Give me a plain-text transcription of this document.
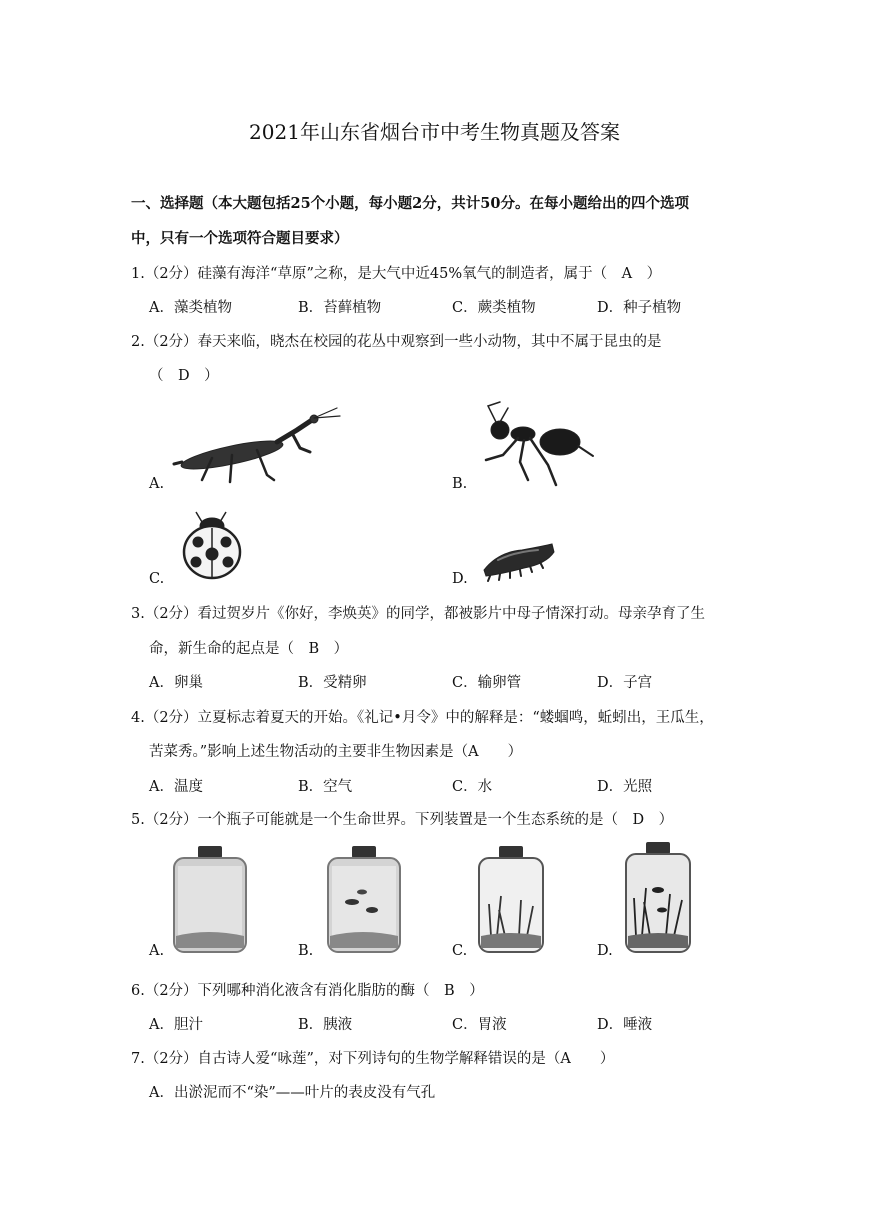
2021年山东省烟台市中考生物真题及答案
一、选择题（本大题包括25个小题，每小题2分，共计50分。在每小题给出的四个选项
中，只有一个选项符合题目要求）
1.（2分）硅藻有海洋“草原”之称，是大气中近45%氧气的制造者，属于（　A　）
A．藻类植物	B．苔藓植物	C．蕨类植物	D．种子植物
2.（2分）春天来临，晓杰在校园的花丛中观察到一些小动物，其中不属于昆虫的是
（　D　）
A.	B.
C.	D.
3.（2分）看过贺岁片《你好，李焕英》的同学，都被影片中母子情深打动。母亲孕育了生
命，新生命的起点是（　B　）
A．卵巢	B．受精卵	C．输卵管	D．子宫
4.（2分）立夏标志着夏天的开始。《礼记•月令》中的解释是：“蝼蝈鸣，蚯蚓出，王瓜生，
苦菜秀。”影响上述生物活动的主要非生物因素是（A　　）
A．温度	B．空气	C．水	D．光照
5.（2分）一个瓶子可能就是一个生命世界。下列装置是一个生态系统的是（　D　）
A.	B.	C.	D.
6.（2分）下列哪种消化液含有消化脂肪的酶（　B　）
A．胆汁	B．胰液	C．胃液	D．唾液
7.（2分）自古诗人爱“咏莲”，对下列诗句的生物学解释错误的是（A　　）
A．出淤泥而不“染”——叶片的表皮没有气孔
